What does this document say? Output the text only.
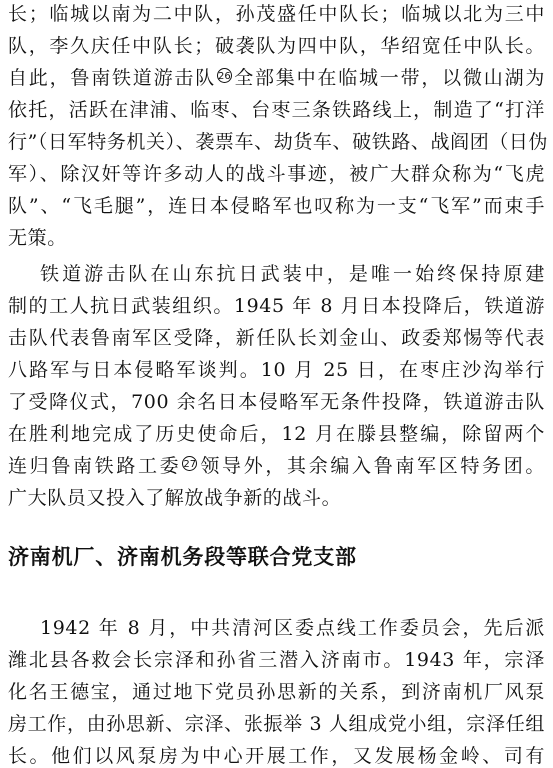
长；临城以南为二中队，孙茂盛任中队长；临城以北为三中
队，李久庆任中队长；破袭队为四中队，华绍宽任中队长。
自此，鲁南铁道游击队 26 全部集中在临城一带，以微山湖为
依托，活跃在津浦、临枣、台枣三条铁路线上，制造了“打洋
行”（日军特务机关）、袭票车、劫货车、破铁路、战阎团（日伪
军）、除汉奸等许多动人的战斗事迹，被广大群众称为“飞虎
队”、“飞毛腿”，连日本侵略军也叹称为一支“飞军”而束手
无策。
铁道游击队在山东抗日武装中，是唯一始终保持原建
制的工人抗日武装组织。1945 年 8 月日本投降后，铁道游
击队代表鲁南军区受降，新任队长刘金山、政委郑惕等代表
八路军与日本侵略军谈判。10 月 25 日，在枣庄沙沟举行
了受降仪式，700 余名日本侵略军无条件投降，铁道游击队
在胜利地完成了历史使命后，12 月在滕县整编，除留两个
连归鲁南铁路工委 27 领导外，其余编入鲁南军区特务团。
广大队员又投入了解放战争新的战斗。
济南机厂、济南机务段等联合党支部
1942 年 8 月，中共清河区委点线工作委员会，先后派
潍北县各救会长宗泽和孙省三潜入济南市。1943 年，宗泽
化名王德宝，通过地下党员孙思新的关系，到济南机厂风泵
房工作，由孙思新、宗泽、张振举 3 人组成党小组，宗泽任组
长。他们以风泵房为中心开展工作，又发展杨金岭、司有
